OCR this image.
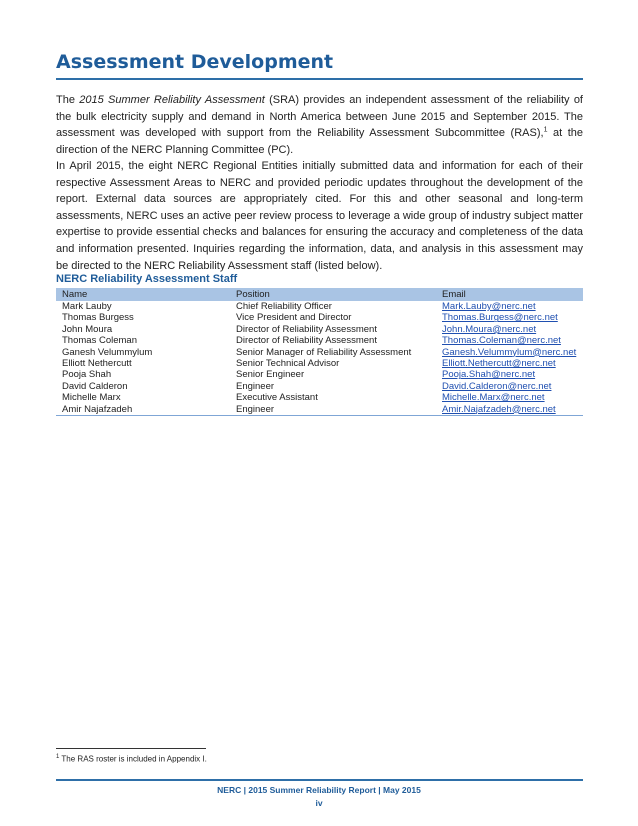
Assessment Development

The 2015 Summer Reliability Assessment (SRA) provides an independent assessment of the reliability of the bulk electricity supply and demand in North America between June 2015 and September 2015. The assessment was developed with support from the Reliability Assessment Subcommittee (RAS),$^1$ at the direction of the NERC Planning Committee (PC).

In April 2015, the eight NERC Regional Entities initially submitted data and information for each of their respective Assessment Areas to NERC and provided periodic updates throughout the development of the report. External data sources are appropriately cited. For this and other seasonal and long-term assessments, NERC uses an active peer review process to leverage a wide group of industry subject matter expertise to provide essential checks and balances for ensuring the accuracy and completeness of the data and information presented. Inquiries regarding the information, data, and analysis in this assessment may be directed to the NERC Reliability Assessment staff (listed below).

NERC Reliability Assessment Staff

Name	Position	Email
Mark Lauby	Chief Reliability Officer	Mark.Lauby@nerc.net
Thomas Burgess	Vice President and Director	Thomas.Burgess@nerc.net
John Moura	Director of Reliability Assessment	John.Moura@nerc.net
Thomas Coleman	Director of Reliability Assessment	Thomas.Coleman@nerc.net
Ganesh Velummylum	Senior Manager of Reliability Assessment	Ganesh.Velummylum@nerc.net
Elliott Nethercutt	Senior Technical Advisor	Elliott.Nethercutt@nerc.net
Pooja Shah	Senior Engineer	Pooja.Shah@nerc.net
David Calderon	Engineer	David.Calderon@nerc.net
Michelle Marx	Executive Assistant	Michelle.Marx@nerc.net
Amir Najafzadeh	Engineer	Amir.Najafzadeh@nerc.net

$^1$ The RAS roster is included in Appendix I.

NERC | 2015 Summer Reliability Report | May 2015

iv
